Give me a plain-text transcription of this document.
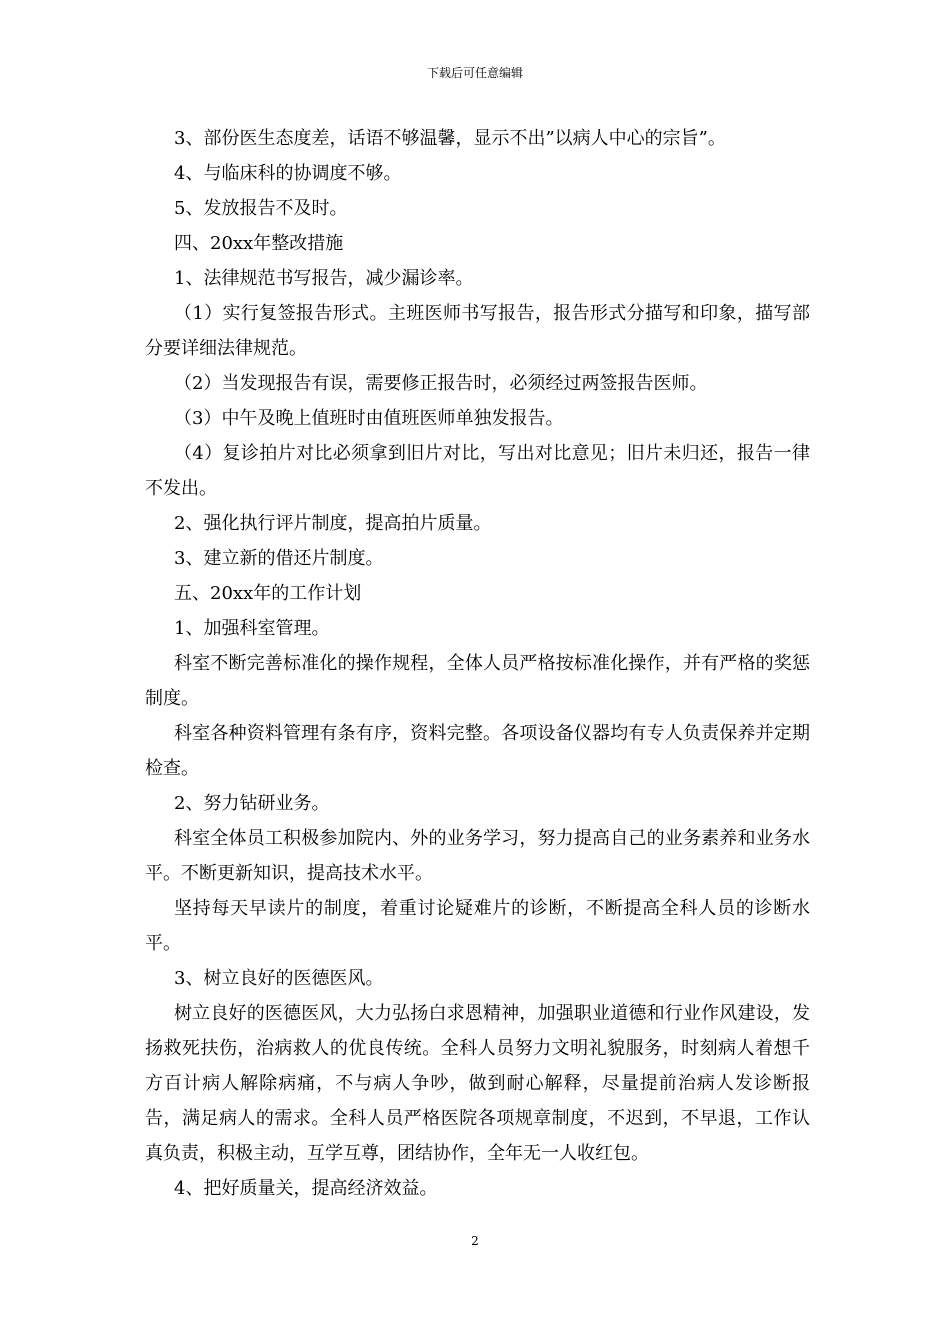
下载后可任意编辑

3、部份医生态度差，话语不够温馨，显示不出”以病人中心的宗旨”。

4、与临床科的协调度不够。

5、发放报告不及时。

四、20xx年整改措施

1、法律规范书写报告，减少漏诊率。

（1）实行复签报告形式。主班医师书写报告，报告形式分描写和印象，描写部分要详细法律规范。

（2）当发现报告有误，需要修正报告时，必须经过两签报告医师。

（3）中午及晚上值班时由值班医师单独发报告。

（4）复诊拍片对比必须拿到旧片对比，写出对比意见；旧片未归还，报告一律不发出。

2、强化执行评片制度，提高拍片质量。

3、建立新的借还片制度。

五、20xx年的工作计划

1、加强科室管理。

科室不断完善标准化的操作规程，全体人员严格按标准化操作，并有严格的奖惩制度。

科室各种资料管理有条有序，资料完整。各项设备仪器均有专人负责保养并定期检查。

2、努力钻研业务。

科室全体员工积极参加院内、外的业务学习，努力提高自己的业务素养和业务水平。不断更新知识，提高技术水平。

坚持每天早读片的制度，着重讨论疑难片的诊断，不断提高全科人员的诊断水平。

3、树立良好的医德医风。

树立良好的医德医风，大力弘扬白求恩精神，加强职业道德和行业作风建设，发扬救死扶伤，治病救人的优良传统。全科人员努力文明礼貌服务，时刻病人着想千方百计病人解除病痛，不与病人争吵，做到耐心解释，尽量提前治病人发诊断报告，满足病人的需求。全科人员严格医院各项规章制度，不迟到，不早退，工作认真负责，积极主动，互学互尊，团结协作，全年无一人收红包。

4、把好质量关，提高经济效益。

2
